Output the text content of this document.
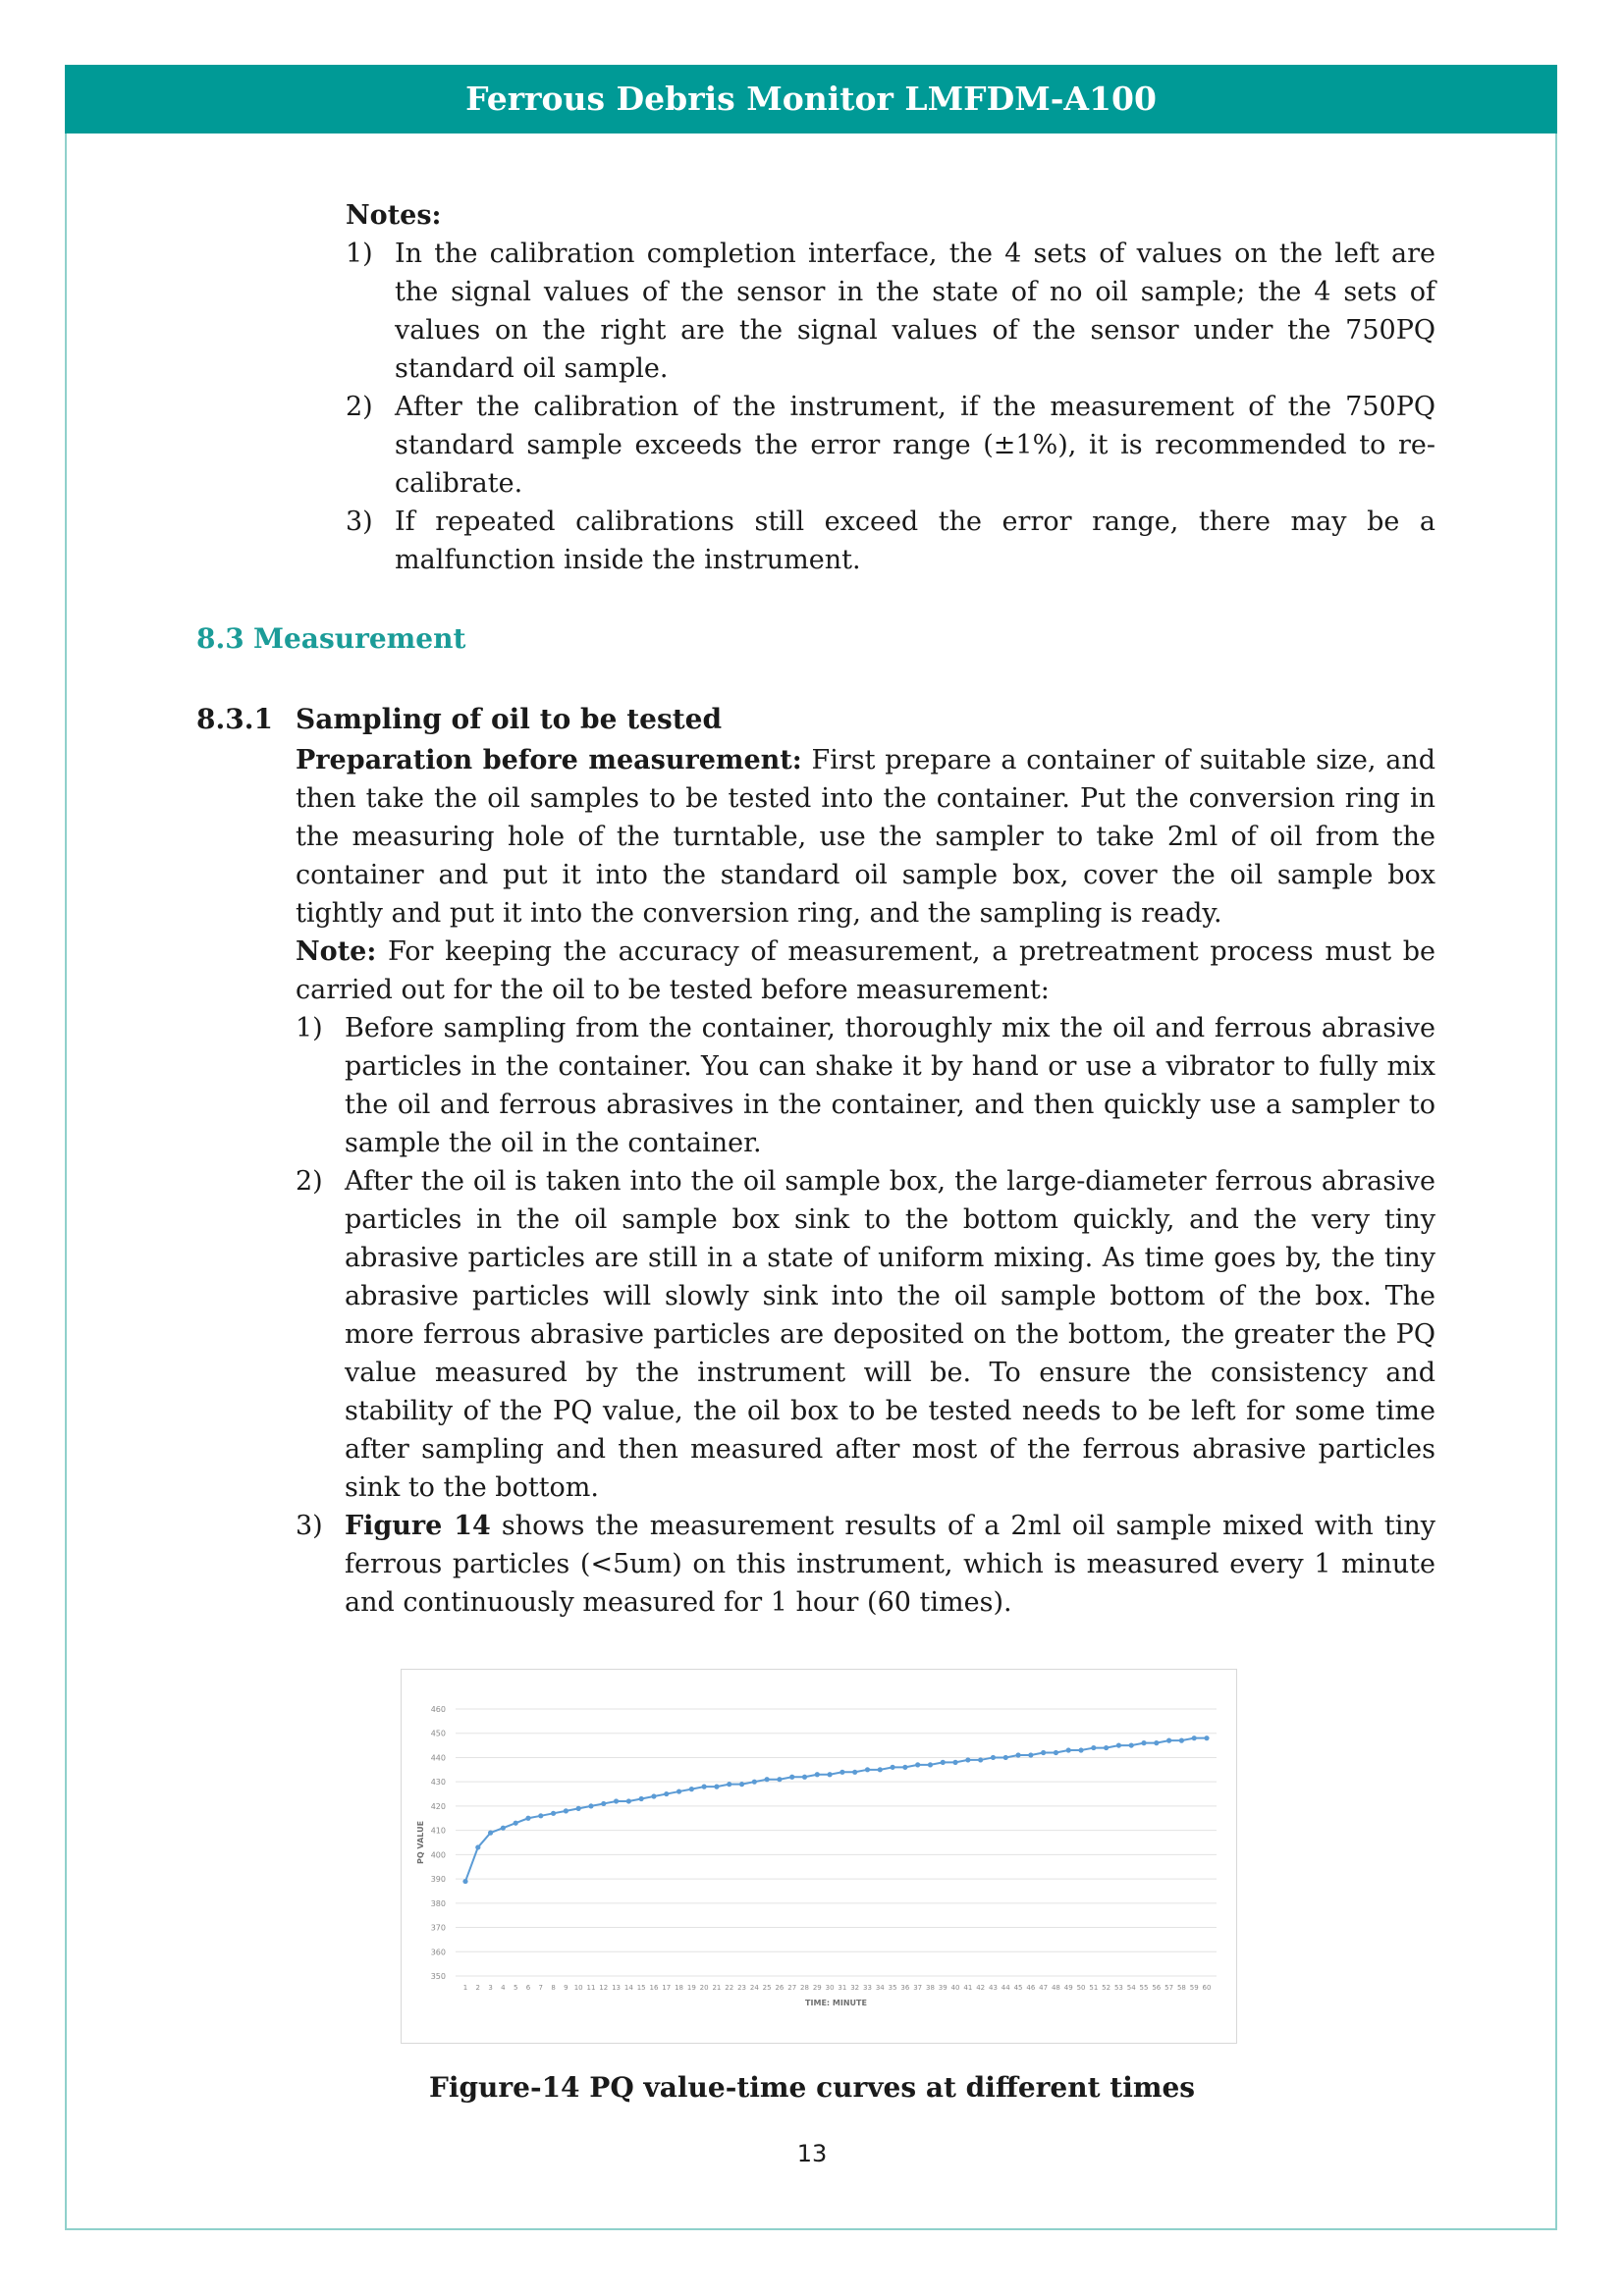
Ferrous Debris Monitor LMFDM-A100
Notes:
1) In the calibration completion interface, the 4 sets of values on the left are the signal values of the sensor in the state of no oil sample; the 4 sets of values on the right are the signal values of the sensor under the 750PQ standard oil sample.
2) After the calibration of the instrument, if the measurement of the 750PQ standard sample exceeds the error range (±1%), it is recommended to re-calibrate.
3) If repeated calibrations still exceed the error range, there may be a malfunction inside the instrument.
8.3 Measurement
8.3.1 Sampling of oil to be tested
Preparation before measurement: First prepare a container of suitable size, and then take the oil samples to be tested into the container. Put the conversion ring in the measuring hole of the turntable, use the sampler to take 2ml of oil from the container and put it into the standard oil sample box, cover the oil sample box tightly and put it into the conversion ring, and the sampling is ready.
Note: For keeping the accuracy of measurement, a pretreatment process must be carried out for the oil to be tested before measurement:
1) Before sampling from the container, thoroughly mix the oil and ferrous abrasive particles in the container. You can shake it by hand or use a vibrator to fully mix the oil and ferrous abrasives in the container, and then quickly use a sampler to sample the oil in the container.
2) After the oil is taken into the oil sample box, the large-diameter ferrous abrasive particles in the oil sample box sink to the bottom quickly, and the very tiny abrasive particles are still in a state of uniform mixing. As time goes by, the tiny abrasive particles will slowly sink into the oil sample bottom of the box. The more ferrous abrasive particles are deposited on the bottom, the greater the PQ value measured by the instrument will be. To ensure the consistency and stability of the PQ value, the oil box to be tested needs to be left for some time after sampling and then measured after most of the ferrous abrasive particles sink to the bottom.
3) Figure 14 shows the measurement results of a 2ml oil sample mixed with tiny ferrous particles (<5um) on this instrument, which is measured every 1 minute and continuously measured for 1 hour (60 times).
350
360
370
380
390
400
410
420
430
440
450
460
1 2 3 4 5 6 7 8 9 10 11 12 13 14 15 16 17 18 19 20 21 22 23 24 25 26 27 28 29 30 31 32 33 34 35 36 37 38 39 40 41 42 43 44 45 46 47 48 49 50 51 52 53 54 55 56 57 58 59 60
TIME: MINUTE
PQ VALUE
Figure-14 PQ value-time curves at different times
13
